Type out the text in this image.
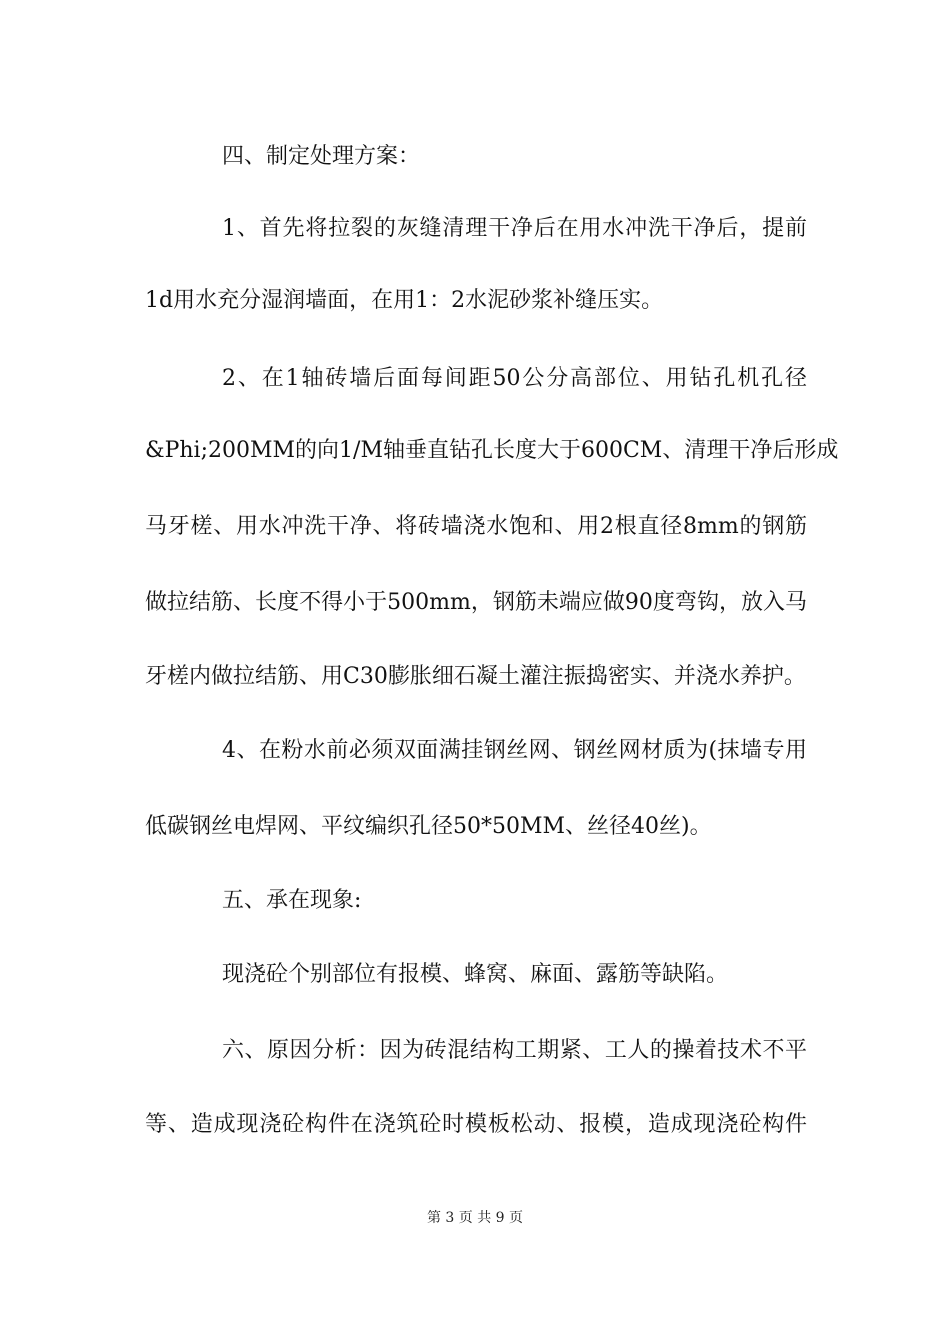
四、制定处理方案：
1、首先将拉裂的灰缝清理干净后在用水冲洗干净后，提前
1d用水充分湿润墙面，在用1：2水泥砂浆补缝压实。
2、在1轴砖墙后面每间距50公分高部位、用钻孔机孔径
&Phi;200MM的向1/M轴垂直钻孔长度大于600CM、清理干净后形成
马牙槎、用水冲洗干净、将砖墙浇水饱和、用2根直径8mm的钢筋
做拉结筋、长度不得小于500mm，钢筋未端应做90度弯钩，放入马
牙槎内做拉结筋、用C30膨胀细石凝土灌注振捣密实、并浇水养护。
4、在粉水前必须双面满挂钢丝网、钢丝网材质为(抹墙专用
低碳钢丝电焊网、平纹编织孔径50*50MM、丝径40丝)。
五、承在现象:
现浇砼个别部位有报模、蜂窝、麻面、露筋等缺陷。
六、原因分析：因为砖混结构工期紧、工人的操着技术不平
等、造成现浇砼构件在浇筑砼时模板松动、报模，造成现浇砼构件
第 3 页 共 9 页
